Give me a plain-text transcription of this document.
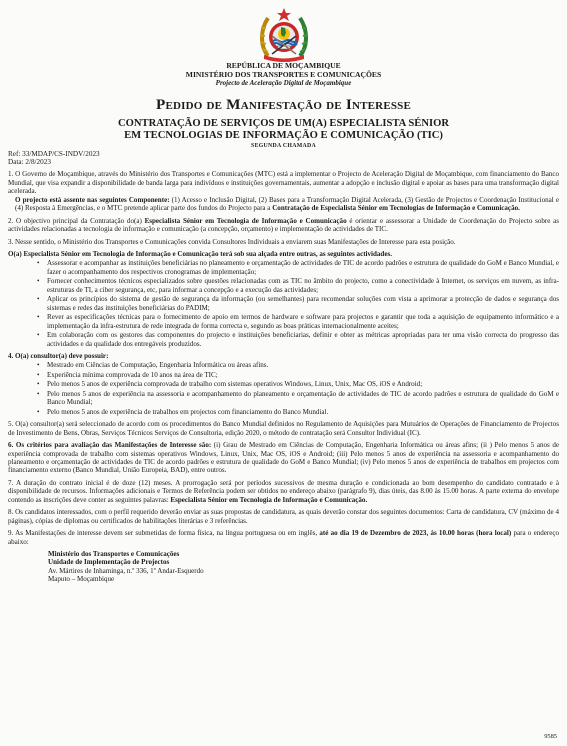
REPÚBLICA DE MOÇAMBIQUE
MINISTÉRIO DOS TRANSPORTES E COMUNICAÇÕES
Projecto de Aceleração Digital de Moçambique
Pedido de Manifestação de Interesse
CONTRATAÇÃO DE SERVIÇOS DE UM(A) ESPECIALISTA SÉNIOR
EM TECNOLOGIAS DE INFORMAÇÃO E COMUNICAÇÃO (TIC)
SEGUNDA CHAMADA
Ref: 33/MDAP/CS-INDV/2023
Data: 2/8/2023
1. O Governo de Moçambique, através do Ministério dos Transportes e Comunicações (MTC) está a implementar o Projecto de Aceleração Digital de Moçambique, com financiamento do Banco Mundial, que visa expandir a disponibilidade de banda larga para indivíduos e instituições governamentais, aumentar a adopção e inclusão digital e apoiar as bases para uma transformação digital acelerada.
O projecto está assente nas seguintes Componente: (1) Acesso e Inclusão Digital, (2) Bases para a Transformação Digital Acelerada, (3) Gestão de Projectos e Coordenação Institucional e (4) Resposta à Emergências, e o MTC pretende aplicar parte dos fundos do Projecto para a Contratação de Especialista Sénior em Tecnologias de Informação e Comunicação.
2. O objectivo principal da Contratação do(a) Especialista Sénior em Tecnologia de Informação e Comunicação é orientar e assessorar a Unidade de Coordenação do Projecto sobre as actividades relacionadas a tecnologia de informação e comunicação (a concepção, orçamento) e implementação de actividades de TIC.
3. Nesse sentido, o Ministério dos Transportes e Comunicações convida Consultores Individuais a enviarem suas Manifestações de Interesse para esta posição.
O(a) Especialista Sénior em Tecnologia de Informação e Comunicação terá sob sua alçada entre outras, as seguintes actividades.
• Assessorar e acompanhar as instituições beneficiárias no planeamento e orçamentação de actividades de TIC de acordo padrões e estrutura de qualidade do GoM e Banco Mundial, e fazer o acompanhamento dos respectivos cronogramas de implementação;
• Fornecer conhecimentos técnicos especializados sobre questões relacionadas com as TIC no âmbito do projecto, como a conectividade à Internet, os serviços em nuvem, as infra-estruturas de TI, a ciber segurança, etc, para informar a concepção e a execução das actividades;
• Aplicar os princípios do sistema de gestão de segurança da informação (ou semelhantes) para recomendar soluções com vista a aprimorar a protecção de dados e segurança dos sistemas e redes das instituições beneficiárias do PADIM;
• Rever as especificações técnicas para o fornecimento de apoio em termos de hardware e software para projectos e garantir que toda a aquisição de equipamento informático e a implementação da infra-estrutura de rede integrada de forma correcta e, segundo as boas práticas internacionalmente aceites;
• Em colaboração com os gestores das componentes do projecto e instituições beneficiarias, definir e obter as métricas apropriadas para ter uma visão correcta do progresso das actividades e da qualidade dos entregáveis produzidos.
4. O(a) consultor(a) deve possuir:
• Mestrado em Ciências de Computação, Engenharia Informática ou áreas afins.
• Experiência mínima comprovada de 10 anos na área de TIC;
• Pelo menos 5 anos de experiência comprovada de trabalho com sistemas operativos Windows, Linux, Unix, Mac OS, iOS e Android;
• Pelo menos 5 anos de experiência na assessoria e acompanhamento do planeamento e orçamentação de actividades de TIC de acordo padrões e estrutura de qualidade do GoM e Banco Mundial;
• Pelo menos 5 anos de experiência de trabalhos em projectos com financiamento do Banco Mundial.
5. O(a) consultor(a) será seleccionado de acordo com os procedimentos do Banco Mundial definidos no Regulamento de Aquisições para Mutuários de Operações de Financiamento de Projectos de Investimento de Bens, Obras, Serviços Técnicos Serviços de Consultoria, edição 2020, o método de contratação será Consultor Individual (IC).
6. Os critérios para avaliação das Manifestações de Interesse são: (i) Grau de Mestrado em Ciências de Computação, Engenharia Informática ou áreas afins; (ii ) Pelo menos 5 anos de experiência comprovada de trabalho com sistemas operativos Windows, Linux, Unix, Mac OS, iOS e Android; (iii) Pelo menos 5 anos de experiência na assessoria e acompanhamento do planeamento e orçamentação de actividades de TIC de acordo padrões e estrutura de qualidade do GoM e Banco Mundial; (iv) Pelo menos 5 anos de experiência de trabalhos em projectos com financiamento externo (Banco Mundial, União Europeia, BAD), entre outros.
7. A duração do contrato inicial é de doze (12) meses. A prorrogação será por períodos sucessivos de mesma duração e condicionada ao bom desempenho do candidato contratado e à disponibilidade de recursos. Informações adicionais e Termos de Referência podem ser obtidos no endereço abaixo (parágrafo 9), dias úteis, das 8.00 às 15.00 horas. A parte externa do envelope contendo as inscrições deve conter as seguintes palavras: Especialista Sénior em Tecnologia de Informação e Comunicação.
8. Os candidatos interessados, com o perfil requerido deverão enviar as suas propostas de candidatura, as quais deverão constar dos seguintes documentos: Carta de candidatura, CV (máximo de 4 páginas), cópias de diplomas ou certificados de habilitações literárias e 3 referências.
9. As Manifestações de interesse devem ser submetidas de forma física, na língua portuguesa ou em inglês, até ao dia 19 de Dezembro de 2023, às 10.00 horas (hora local) para o endereço abaixo:
Ministério dos Transportes e Comunicações
Unidade de Implementação de Projectos
Av. Mártires de Inhaminga, n.º 336, 1º Andar-Esquerdo
Maputo – Moçambique
9585
